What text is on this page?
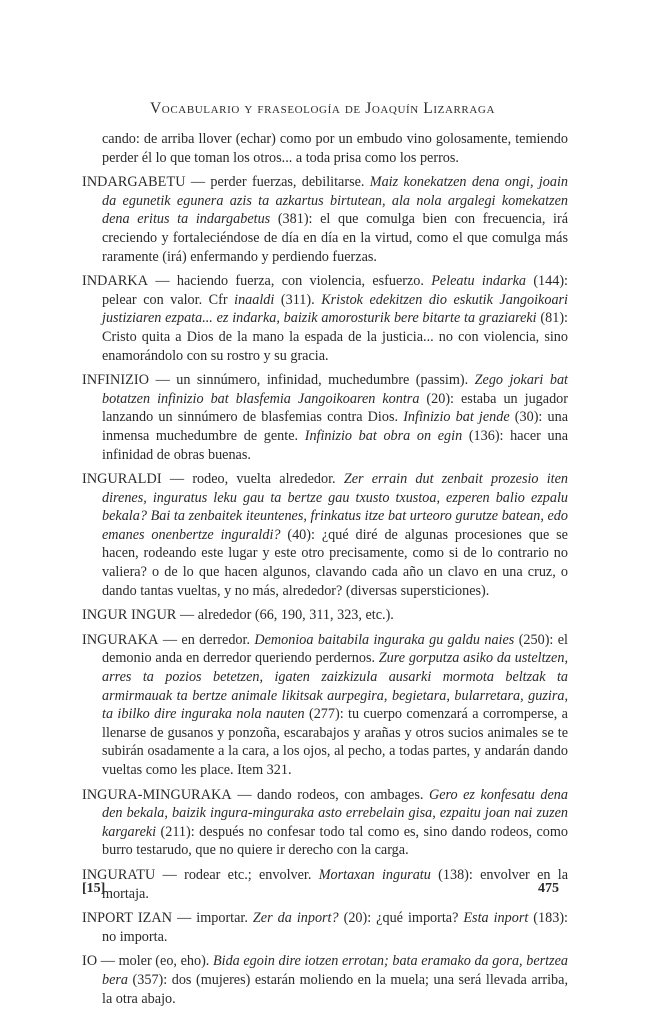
Vocabulario y fraseología de Joaquín Lizarraga

cando: de arriba llover (echar) como por un embudo vino golosamente, temiendo perder él lo que toman los otros... a toda prisa como los perros.

INDARGABETU — perder fuerzas, debilitarse. Maiz konekatzen dena ongi, joain da egunetik egunera azis ta azkartus birtutean, ala nola argalegi komekatzen dena eritus ta indargabetus (381): el que comulga bien con frecuencia, irá creciendo y fortaleciéndose de día en día en la virtud, como el que comulga más raramente (irá) enfermando y perdiendo fuerzas.

INDARKA — haciendo fuerza, con violencia, esfuerzo. Peleatu indarka (144): pelear con valor. Cfr inaaldi (311). Kristok edekitzen dio eskutik Jangoikoari justiziaren ezpata... ez indarka, baizik amorosturik bere bitarte ta graziareki (81): Cristo quita a Dios de la mano la espada de la justicia... no con violencia, sino enamorándolo con su rostro y su gracia.

INFINIZIO — un sinnúmero, infinidad, muchedumbre (passim). Zego jokari bat botatzen infinizio bat blasfemia Jangoikoaren kontra (20): estaba un jugador lanzando un sinnúmero de blasfemias contra Dios. Infinizio bat jende (30): una inmensa muchedumbre de gente. Infinizio bat obra on egin (136): hacer una infinidad de obras buenas.

INGURALDI — rodeo, vuelta alrededor. Zer errain dut zenbait prozesio iten direnes, inguratus leku gau ta bertze gau txusto txustoa, ezperen balio ezpalu bekala? Bai ta zenbaitek iteuntenes, frinkatus itze bat urteoro gurutze batean, edo emanes onenbertze inguraldi? (40): ¿qué diré de algunas procesiones que se hacen, rodeando este lugar y este otro precisamente, como si de lo contrario no valiera? o de lo que hacen algunos, clavando cada año un clavo en una cruz, o dando tantas vueltas, y no más, alrededor? (diversas supersticiones).

INGUR INGUR — alrededor (66, 190, 311, 323, etc.).

INGURAKA — en derredor. Demonioa baitabila inguraka gu galdu naies (250): el demonio anda en derredor queriendo perdernos. Zure gorputza asiko da usteltzen, arres ta pozios betetzen, igaten zaizkizula ausarki mormota beltzak ta armirmauak ta bertze animale likitsak aurpegira, begietara, bularretara, guzira, ta ibilko dire inguraka nola nauten (277): tu cuerpo comenzará a corromperse, a llenarse de gusanos y ponzoña, escarabajos y arañas y otros sucios animales se te subirán osadamente a la cara, a los ojos, al pecho, a todas partes, y andarán dando vueltas como les place. Item 321.

INGURA-MINGURAKA — dando rodeos, con ambages. Gero ez konfesatu dena den bekala, baizik ingura-minguraka asto errebelain gisa, ezpaitu joan nai zuzen kargareki (211): después no confesar todo tal como es, sino dando rodeos, como burro testarudo, que no quiere ir derecho con la carga.

INGURATU — rodear etc.; envolver. Mortaxan inguratu (138): envolver en la mortaja.

INPORT IZAN — importar. Zer da inport? (20): ¿qué importa? Esta inport (183): no importa.

IO — moler (eo, eho). Bida egoin dire iotzen errotan; bata eramako da gora, bertzea bera (357): dos (mujeres) estarán moliendo en la muela; una será llevada arriba, la otra abajo.

[15]	475
